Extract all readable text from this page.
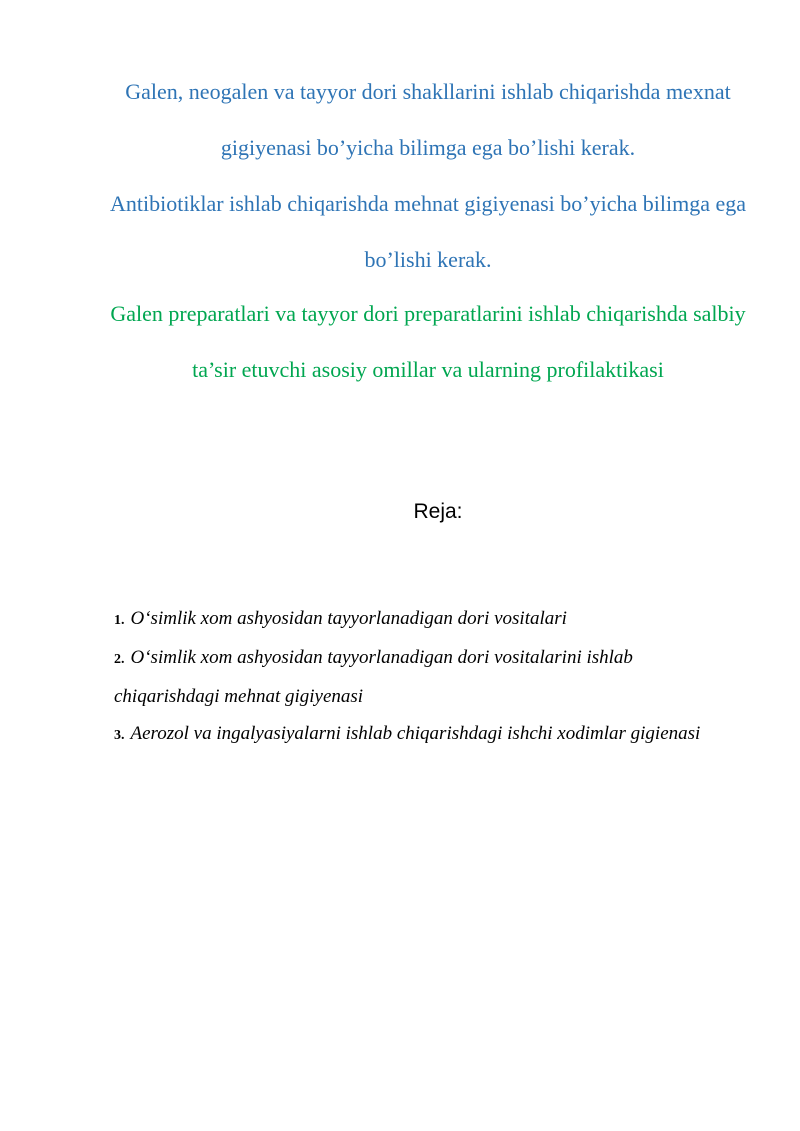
Galen, neogalen va tayyor dori shakllarini ishlab chiqarishda mexnat gigiyenasi bo’yicha bilimga ega bo’lishi kerak.

Antibiotiklar ishlab chiqarishda mehnat gigiyenasi bo’yicha bilimga ega bo’lishi kerak.

Galen preparatlari va tayyor dori preparatlarini ishlab chiqarishda salbiy ta’sir etuvchi asosiy omillar va ularning profilaktikasi

Reja:

1. O‘simlik xom ashyosidan tayyorlanadigan dori vositalari
2. O‘simlik xom ashyosidan tayyorlanadigan dori vositalarini ishlab chiqarishdagi mehnat gigiyenasi
3. Aerozol va ingalyasiyalarni ishlab chiqarishdagi ishchi xodimlar gigienasi
